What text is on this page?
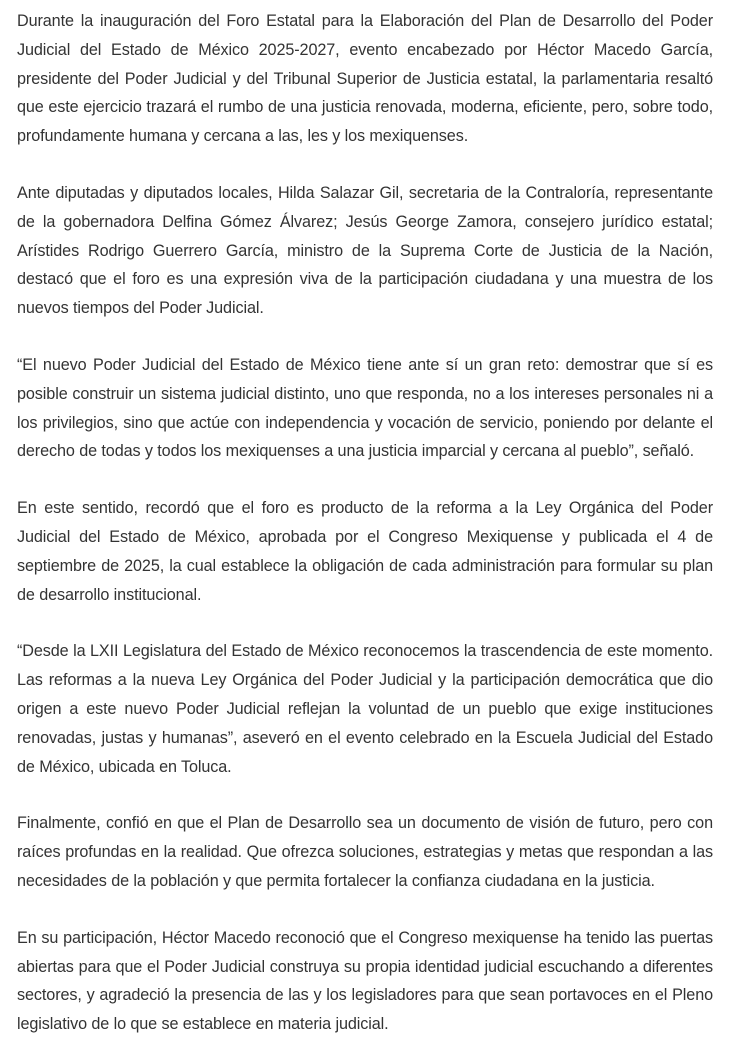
Durante la inauguración del Foro Estatal para la Elaboración del Plan de Desarrollo del Poder Judicial del Estado de México 2025-2027, evento encabezado por Héctor Macedo García, presidente del Poder Judicial y del Tribunal Superior de Justicia estatal, la parlamentaria resaltó que este ejercicio trazará el rumbo de una justicia renovada, moderna, eficiente, pero, sobre todo, profundamente humana y cercana a las, les y los mexiquenses.

Ante diputadas y diputados locales, Hilda Salazar Gil, secretaria de la Contraloría, representante de la gobernadora Delfina Gómez Álvarez; Jesús George Zamora, consejero jurídico estatal; Arístides Rodrigo Guerrero García, ministro de la Suprema Corte de Justicia de la Nación, destacó que el foro es una expresión viva de la participación ciudadana y una muestra de los nuevos tiempos del Poder Judicial.

“El nuevo Poder Judicial del Estado de México tiene ante sí un gran reto: demostrar que sí es posible construir un sistema judicial distinto, uno que responda, no a los intereses personales ni a los privilegios, sino que actúe con independencia y vocación de servicio, poniendo por delante el derecho de todas y todos los mexiquenses a una justicia imparcial y cercana al pueblo”, señaló.

En este sentido, recordó que el foro es producto de la reforma a la Ley Orgánica del Poder Judicial del Estado de México, aprobada por el Congreso Mexiquense y publicada el 4 de septiembre de 2025, la cual establece la obligación de cada administración para formular su plan de desarrollo institucional.

“Desde la LXII Legislatura del Estado de México reconocemos la trascendencia de este momento. Las reformas a la nueva Ley Orgánica del Poder Judicial y la participación democrática que dio origen a este nuevo Poder Judicial reflejan la voluntad de un pueblo que exige instituciones renovadas, justas y humanas”, aseveró en el evento celebrado en la Escuela Judicial del Estado de México, ubicada en Toluca.

Finalmente, confió en que el Plan de Desarrollo sea un documento de visión de futuro, pero con raíces profundas en la realidad. Que ofrezca soluciones, estrategias y metas que respondan a las necesidades de la población y que permita fortalecer la confianza ciudadana en la justicia.

En su participación, Héctor Macedo reconoció que el Congreso mexiquense ha tenido las puertas abiertas para que el Poder Judicial construya su propia identidad judicial escuchando a diferentes sectores, y agradeció la presencia de las y los legisladores para que sean portavoces en el Pleno legislativo de lo que se establece en materia judicial.
